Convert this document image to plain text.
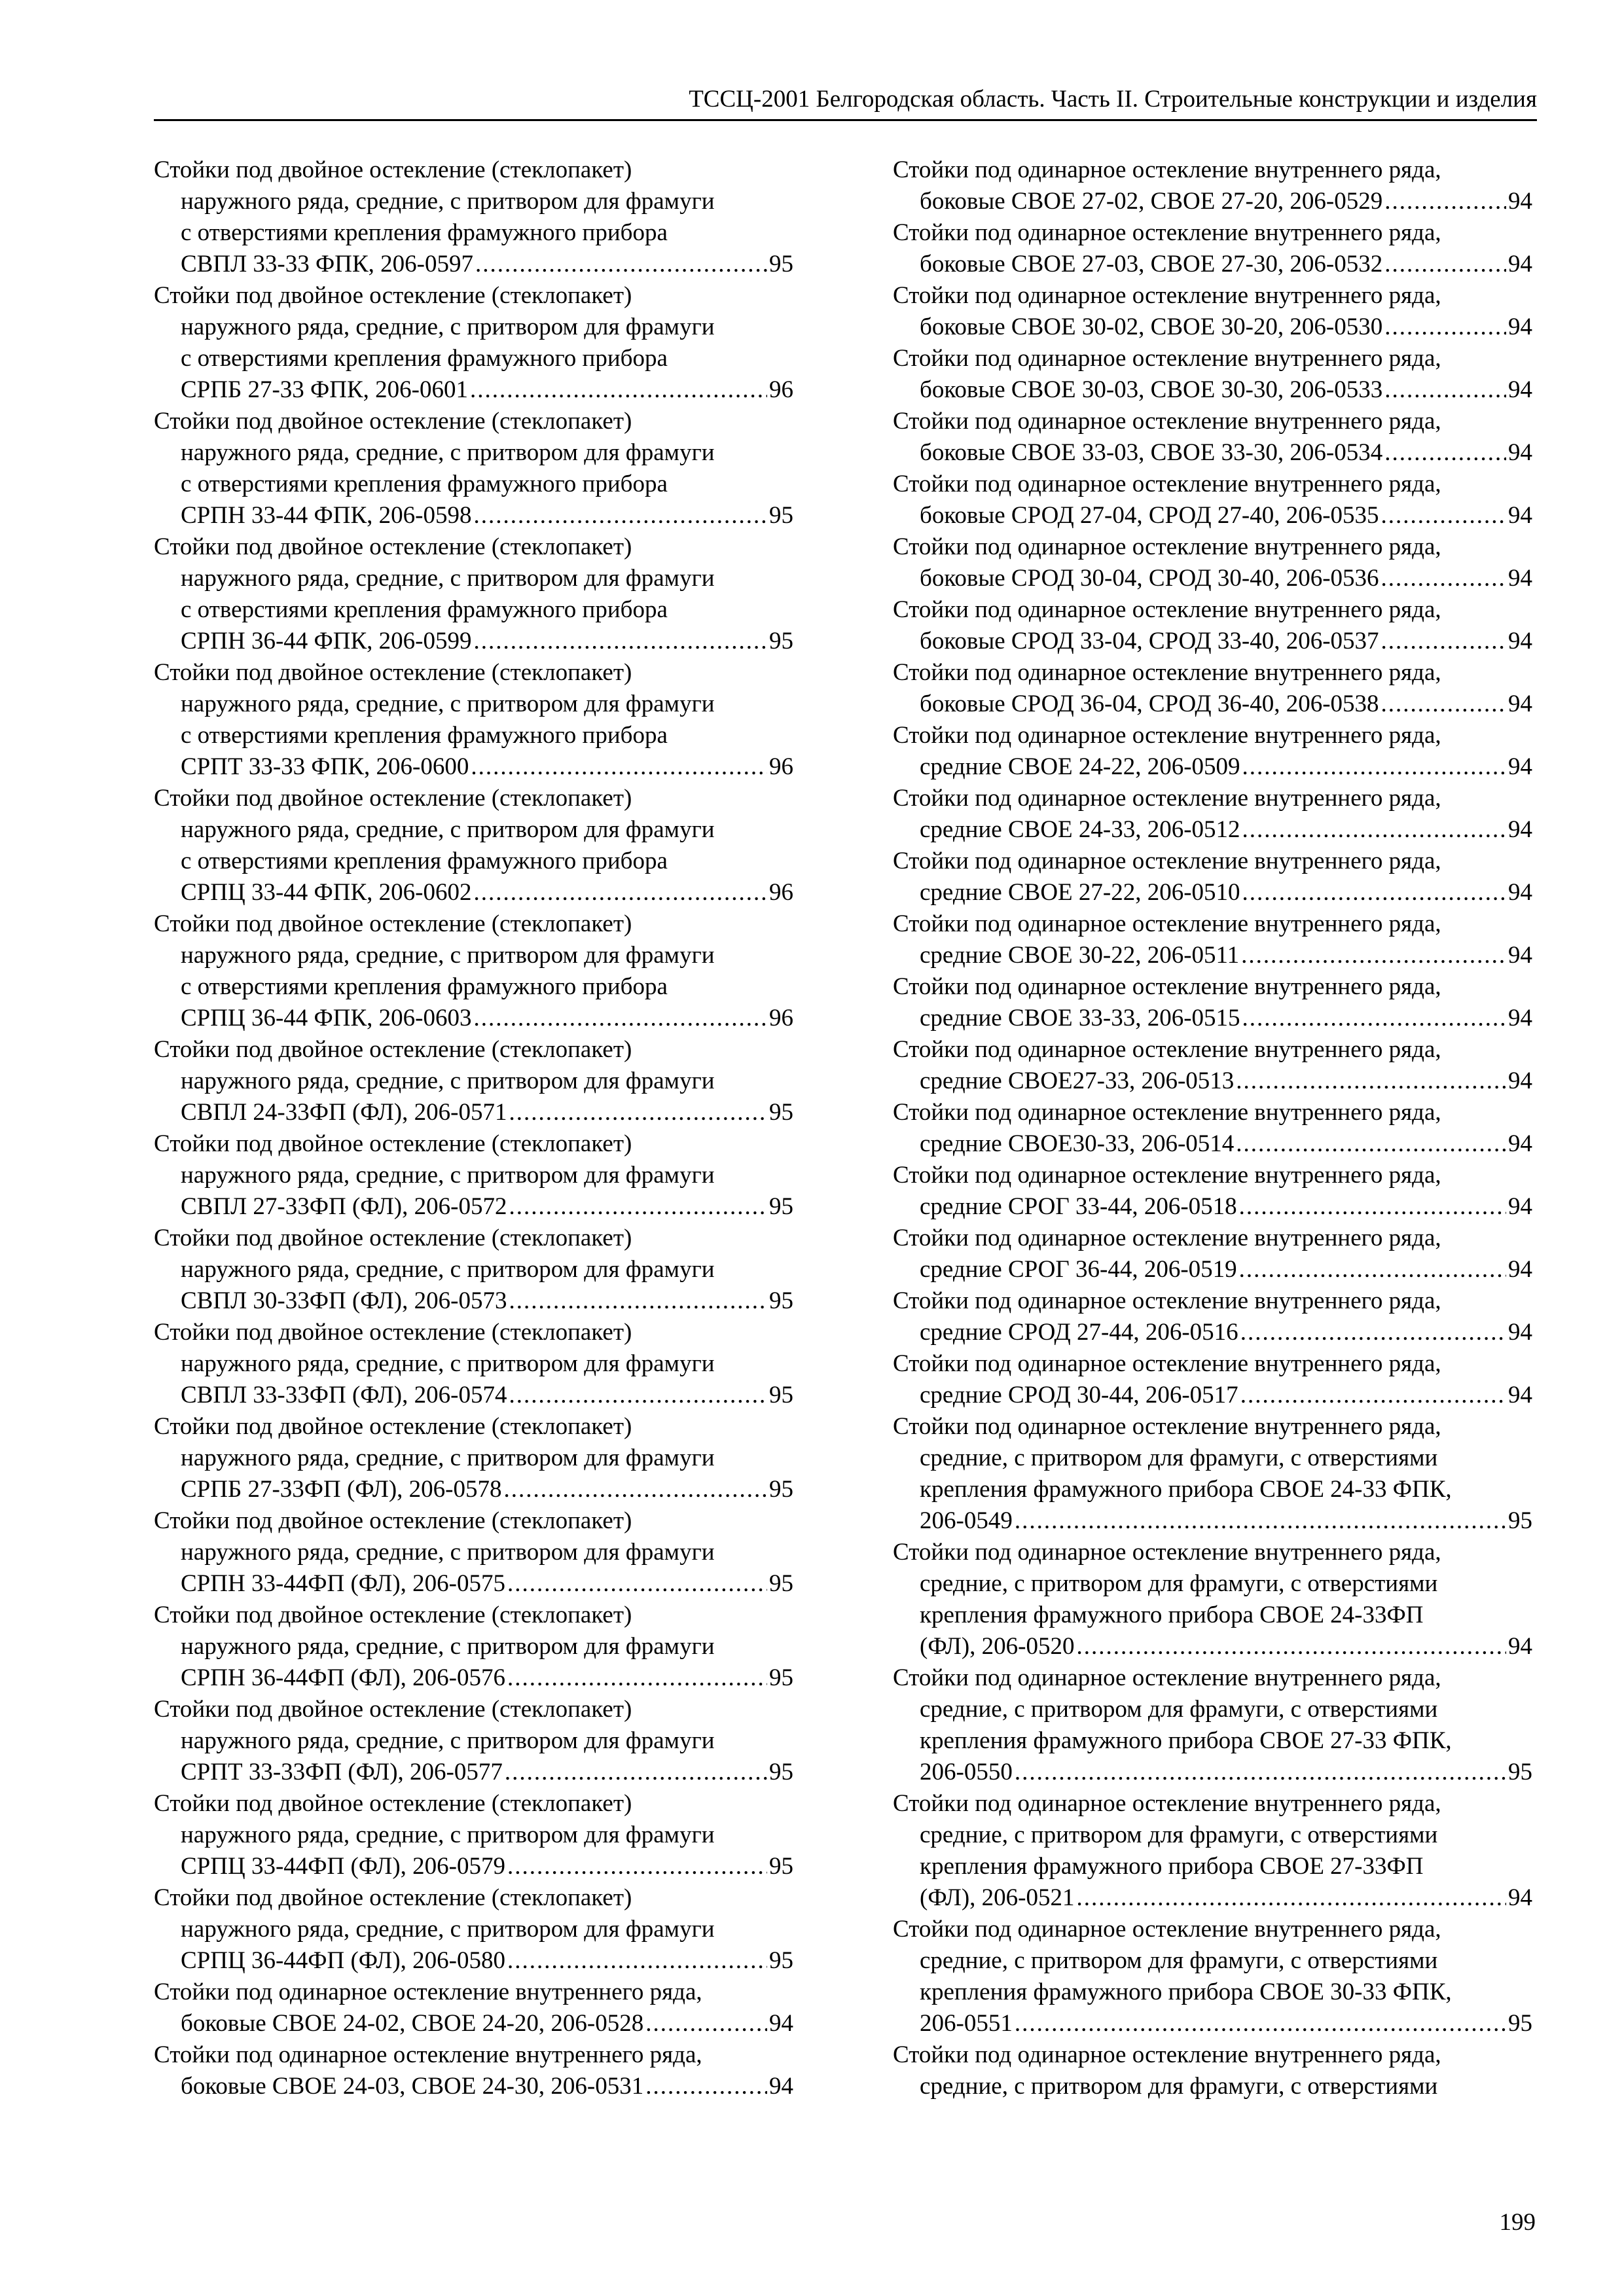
ТССЦ-2001 Белгородская область. Часть II. Строительные конструкции и изделия
Стойки под двойное остекление (стеклопакет)
наружного ряда, средние, с притвором для фрамуги
с отверстиями крепления фрамужного прибора
СВПЛ 33-33 ФПК, 206-0597 .....	95
Стойки под двойное остекление (стеклопакет)
наружного ряда, средние, с притвором для фрамуги
с отверстиями крепления фрамужного прибора
СРПБ 27-33 ФПК, 206-0601 .....	96
Стойки под двойное остекление (стеклопакет)
наружного ряда, средние, с притвором для фрамуги
с отверстиями крепления фрамужного прибора
СРПН 33-44 ФПК, 206-0598 .....	95
Стойки под двойное остекление (стеклопакет)
наружного ряда, средние, с притвором для фрамуги
с отверстиями крепления фрамужного прибора
СРПН 36-44 ФПК, 206-0599 .....	95
Стойки под двойное остекление (стеклопакет)
наружного ряда, средние, с притвором для фрамуги
с отверстиями крепления фрамужного прибора
СРПТ 33-33 ФПК, 206-0600 .....	96
Стойки под двойное остекление (стеклопакет)
наружного ряда, средние, с притвором для фрамуги
с отверстиями крепления фрамужного прибора
СРПЦ 33-44 ФПК, 206-0602 .....	96
Стойки под двойное остекление (стеклопакет)
наружного ряда, средние, с притвором для фрамуги
с отверстиями крепления фрамужного прибора
СРПЦ 36-44 ФПК, 206-0603 .....	96
Стойки под двойное остекление (стеклопакет)
наружного ряда, средние, с притвором для фрамуги
СВПЛ 24-33ФП (ФЛ), 206-0571 .....	95
Стойки под двойное остекление (стеклопакет)
наружного ряда, средние, с притвором для фрамуги
СВПЛ 27-33ФП (ФЛ), 206-0572 .....	95
Стойки под двойное остекление (стеклопакет)
наружного ряда, средние, с притвором для фрамуги
СВПЛ 30-33ФП (ФЛ), 206-0573 .....	95
Стойки под двойное остекление (стеклопакет)
наружного ряда, средние, с притвором для фрамуги
СВПЛ 33-33ФП (ФЛ), 206-0574 .....	95
Стойки под двойное остекление (стеклопакет)
наружного ряда, средние, с притвором для фрамуги
СРПБ 27-33ФП (ФЛ), 206-0578 .....	95
Стойки под двойное остекление (стеклопакет)
наружного ряда, средние, с притвором для фрамуги
СРПН 33-44ФП (ФЛ), 206-0575 .....	95
Стойки под двойное остекление (стеклопакет)
наружного ряда, средние, с притвором для фрамуги
СРПН 36-44ФП (ФЛ), 206-0576 .....	95
Стойки под двойное остекление (стеклопакет)
наружного ряда, средние, с притвором для фрамуги
СРПТ 33-33ФП (ФЛ), 206-0577 .....	95
Стойки под двойное остекление (стеклопакет)
наружного ряда, средние, с притвором для фрамуги
СРПЦ 33-44ФП (ФЛ), 206-0579 .....	95
Стойки под двойное остекление (стеклопакет)
наружного ряда, средние, с притвором для фрамуги
СРПЦ 36-44ФП (ФЛ), 206-0580 .....	95
Стойки под одинарное остекление внутреннего ряда,
боковые СВОЕ 24-02, СВОЕ 24-20, 206-0528 .....	94
Стойки под одинарное остекление внутреннего ряда,
боковые СВОЕ 24-03, СВОЕ 24-30, 206-0531 .....	94
Стойки под одинарное остекление внутреннего ряда,
боковые СВОЕ 27-02, СВОЕ 27-20, 206-0529 .....	94
Стойки под одинарное остекление внутреннего ряда,
боковые СВОЕ 27-03, СВОЕ 27-30, 206-0532 .....	94
Стойки под одинарное остекление внутреннего ряда,
боковые СВОЕ 30-02, СВОЕ 30-20, 206-0530 .....	94
Стойки под одинарное остекление внутреннего ряда,
боковые СВОЕ 30-03, СВОЕ 30-30, 206-0533 .....	94
Стойки под одинарное остекление внутреннего ряда,
боковые СВОЕ 33-03, СВОЕ 33-30, 206-0534 .....	94
Стойки под одинарное остекление внутреннего ряда,
боковые СРОД 27-04, СРОД 27-40, 206-0535 .....	94
Стойки под одинарное остекление внутреннего ряда,
боковые СРОД 30-04, СРОД 30-40, 206-0536 .....	94
Стойки под одинарное остекление внутреннего ряда,
боковые СРОД 33-04, СРОД 33-40, 206-0537 .....	94
Стойки под одинарное остекление внутреннего ряда,
боковые СРОД 36-04, СРОД 36-40, 206-0538 .....	94
Стойки под одинарное остекление внутреннего ряда,
средние СВОЕ 24-22, 206-0509 .....	94
Стойки под одинарное остекление внутреннего ряда,
средние СВОЕ 24-33, 206-0512 .....	94
Стойки под одинарное остекление внутреннего ряда,
средние СВОЕ 27-22, 206-0510 .....	94
Стойки под одинарное остекление внутреннего ряда,
средние СВОЕ 30-22, 206-0511 .....	94
Стойки под одинарное остекление внутреннего ряда,
средние СВОЕ 33-33, 206-0515 .....	94
Стойки под одинарное остекление внутреннего ряда,
средние СВОЕ27-33, 206-0513 .....	94
Стойки под одинарное остекление внутреннего ряда,
средние СВОЕ30-33, 206-0514 .....	94
Стойки под одинарное остекление внутреннего ряда,
средние СРОГ 33-44, 206-0518 .....	94
Стойки под одинарное остекление внутреннего ряда,
средние СРОГ 36-44, 206-0519 .....	94
Стойки под одинарное остекление внутреннего ряда,
средние СРОД 27-44, 206-0516 .....	94
Стойки под одинарное остекление внутреннего ряда,
средние СРОД 30-44, 206-0517 .....	94
Стойки под одинарное остекление внутреннего ряда,
средние, с притвором для фрамуги, с отверстиями
крепления фрамужного прибора СВОЕ 24-33 ФПК,
206-0549 .....	95
Стойки под одинарное остекление внутреннего ряда,
средние, с притвором для фрамуги, с отверстиями
крепления фрамужного прибора СВОЕ 24-33ФП
(ФЛ), 206-0520 .....	94
Стойки под одинарное остекление внутреннего ряда,
средние, с притвором для фрамуги, с отверстиями
крепления фрамужного прибора СВОЕ 27-33 ФПК,
206-0550 .....	95
Стойки под одинарное остекление внутреннего ряда,
средние, с притвором для фрамуги, с отверстиями
крепления фрамужного прибора СВОЕ 27-33ФП
(ФЛ), 206-0521 .....	94
Стойки под одинарное остекление внутреннего ряда,
средние, с притвором для фрамуги, с отверстиями
крепления фрамужного прибора СВОЕ 30-33 ФПК,
206-0551 .....	95
Стойки под одинарное остекление внутреннего ряда,
средние, с притвором для фрамуги, с отверстиями
199
